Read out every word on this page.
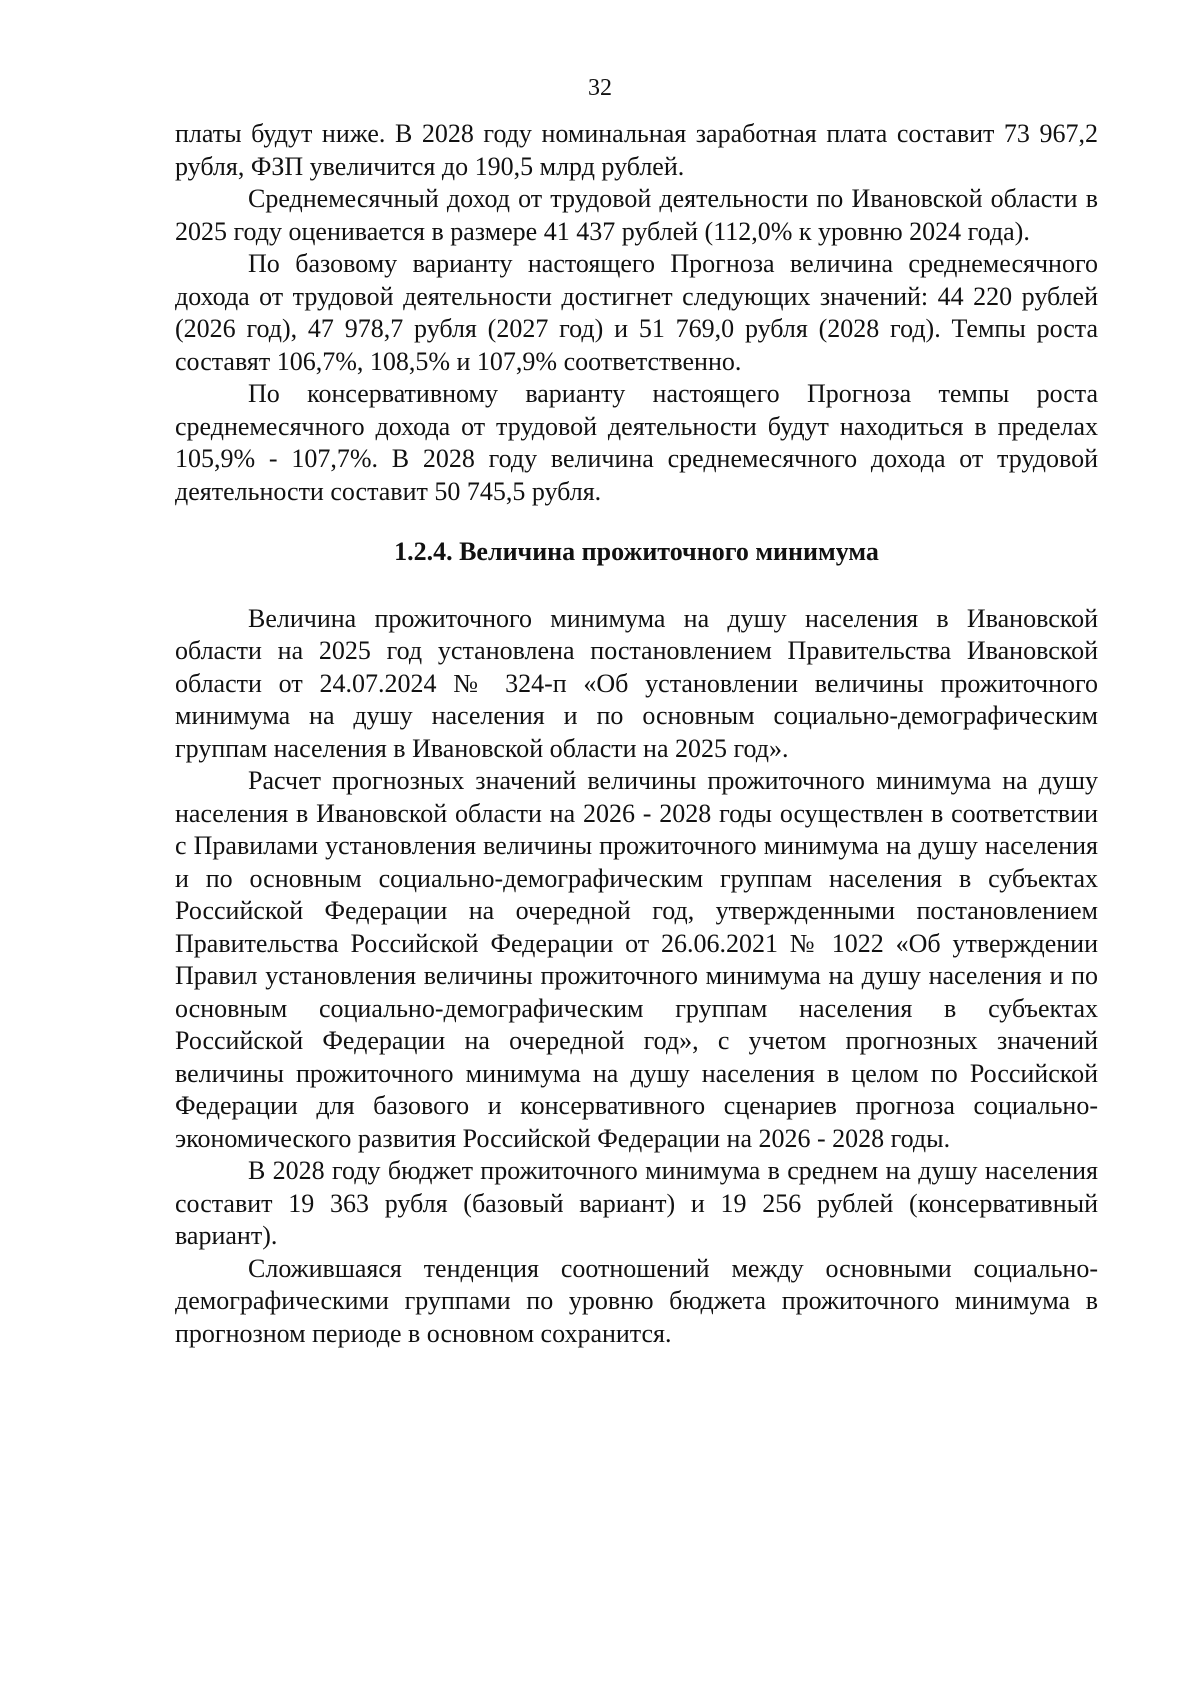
32

платы будут ниже. В 2028 году номинальная заработная плата составит 73 967,2 рубля, ФЗП увеличится до 190,5 млрд рублей.

Среднемесячный доход от трудовой деятельности по Ивановской области в 2025 году оценивается в размере 41 437 рублей (112,0% к уровню 2024 года).

По базовому варианту настоящего Прогноза величина среднемесячного дохода от трудовой деятельности достигнет следующих значений: 44 220 рублей (2026 год), 47 978,7 рубля (2027 год) и 51 769,0 рубля (2028 год). Темпы роста составят 106,7%, 108,5% и 107,9% соответственно.

По консервативному варианту настоящего Прогноза темпы роста среднемесячного дохода от трудовой деятельности будут находиться в пределах 105,9% - 107,7%. В 2028 году величина среднемесячного дохода от трудовой деятельности составит 50 745,5 рубля.

1.2.4. Величина прожиточного минимума

Величина прожиточного минимума на душу населения в Ивановской области на 2025 год установлена постановлением Правительства Ивановской области от 24.07.2024 № 324-п «Об установлении величины прожиточного минимума на душу населения и по основным социально-демографическим группам населения в Ивановской области на 2025 год».

Расчет прогнозных значений величины прожиточного минимума на душу населения в Ивановской области на 2026 - 2028 годы осуществлен в соответствии с Правилами установления величины прожиточного минимума на душу населения и по основным социально-демографическим группам населения в субъектах Российской Федерации на очередной год, утвержденными постановлением Правительства Российской Федерации от 26.06.2021 № 1022 «Об утверждении Правил установления величины прожиточного минимума на душу населения и по основным социально-демографическим группам населения в субъектах Российской Федерации на очередной год», с учетом прогнозных значений величины прожиточного минимума на душу населения в целом по Российской Федерации для базового и консервативного сценариев прогноза социально-экономического развития Российской Федерации на 2026 - 2028 годы.

В 2028 году бюджет прожиточного минимума в среднем на душу населения составит 19 363 рубля (базовый вариант) и 19 256 рублей (консервативный вариант).

Сложившаяся тенденция соотношений между основными социально-демографическими группами по уровню бюджета прожиточного минимума в прогнозном периоде в основном сохранится.
